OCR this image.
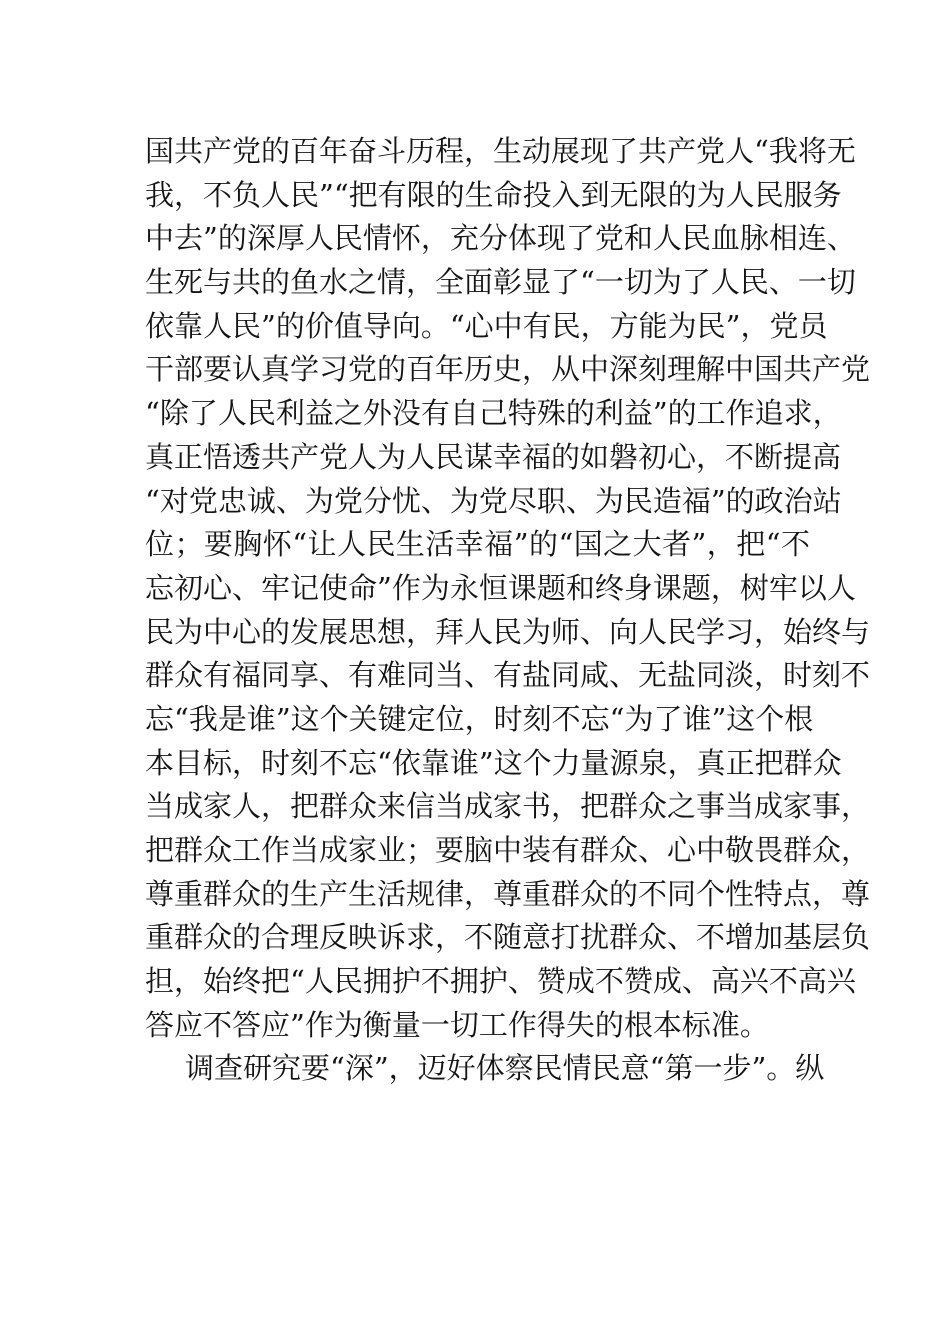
国共产党的百年奋斗历程，生动展现了共产党人“我将无
我，不负人民”“把有限的生命投入到无限的为人民服务
中去”的深厚人民情怀，充分体现了党和人民血脉相连、
生死与共的鱼水之情，全面彰显了“一切为了人民、一切
依靠人民”的价值导向。“心中有民，方能为民”，党员
干部要认真学习党的百年历史，从中深刻理解中国共产党
“除了人民利益之外没有自己特殊的利益”的工作追求，
真正悟透共产党人为人民谋幸福的如磐初心，不断提高
“对党忠诚、为党分忧、为党尽职、为民造福”的政治站
位；要胸怀“让人民生活幸福”的“国之大者”，把“不
忘初心、牢记使命”作为永恒课题和终身课题，树牢以人
民为中心的发展思想，拜人民为师、向人民学习，始终与
群众有福同享、有难同当、有盐同咸、无盐同淡，时刻不
忘“我是谁”这个关键定位，时刻不忘“为了谁”这个根
本目标，时刻不忘“依靠谁”这个力量源泉，真正把群众
当成家人，把群众来信当成家书，把群众之事当成家事，
把群众工作当成家业；要脑中装有群众、心中敬畏群众，
尊重群众的生产生活规律，尊重群众的不同个性特点，尊
重群众的合理反映诉求，不随意打扰群众、不增加基层负
担，始终把“人民拥护不拥护、赞成不赞成、高兴不高兴
答应不答应”作为衡量一切工作得失的根本标准。
调查研究要“深”，迈好体察民情民意“第一步”。纵
